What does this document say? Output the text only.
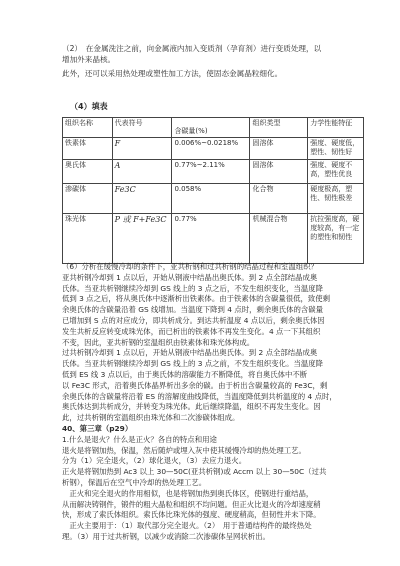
（2）　在金属洗注之前，向金属液内加入变质剂（孕育剂）进行变质处理，以
增加外来晶核。
此外，还可以采用热处理或塑性加工方法，使固态金属晶粒细化。
（4）填表
组织名称	代表符号	含碳量(%)	组织类型	力学性能特征
铁素体	F	0.006%~0.0218%	固溶体	强度、硬度低，塑性、韧性好
奥氏体	A	0.77%~2.11%	固溶体	强度、硬度不高，塑性优良
渗碳体	Fe3C	0.058%	化合物	硬度极高，塑性、韧性极差
珠光体	P 或 F+Fe3C	0.77%	机械混合物	抗拉强度高，硬度较高，有一定的塑性和韧性
（6）分析在缓慢冷却的条件下，亚共析钢和过共析钢的结晶过程和室温组织？
亚共析钢冷却到 1 点以后，开始从钢液中结晶出奥氏体。到 2 点全部结晶成奥
氏体。当亚共析钢继续冷却到 GS 线上的 3 点之后，不发生组织变化，当温度降
低到 3 点之后，将从奥氏体中逐渐析出铁素体。由于铁素体的含碳量很低，致使剩
余奥氏体的含碳量沿着 GS 线增加。当温度下降到 4 点时，剩余奥氏体的含碳量
已增加到 S 点的对应成分，即共析成分。到达共析温度 4 点以后，剩余奥氏体因
发生共析反应转变成珠光体，而已析出的铁素体不再发生变化。4 点一下其组织
不变，因此，亚共析钢的室温组织由铁素体和珠光体构成。
过共析钢冷却到 1 点以后，开始从钢液中结晶出奥氏体。到 2 点全部结晶成奥
氏体。当亚共析钢继续冷却到 GS 线上的 3 点之前，不发生组织变化。当温度降
低到 ES 线 3 点以后，由于奥氏体的溶碳能力不断降低，将自奥氏体中不断
以 Fe3C 形式，沿着奥氏体晶界析出多余的碳。由于析出含碳量较高的 Fe3C，剩
余奥氏体的含碳量将沿着 ES 的溶解度曲线降低，当温度降低到共析温度的 4 点时，
奥氏体达到共析成分，并转变为珠光体。此后继续降温，组织不再发生变化。因
此，过共析钢的室温组织由珠光体和二次渗碳体组成。
40、第三章（p29）
1.什么是退火？什么是正火？各自的特点和用途
退火是将钢加热，保温，然后随炉或埋入灰中使其缓慢冷却的热处理工艺。
分为（1）完全退火，（2）球化退火，（3）去应力退火。
正火是将钢加热到 Ac3 以上 30—50C(亚共析钢)或 Accm 以上 30—50C（过共
析钢），保温后在空气中冷却的热处理工艺。
　正火和完全退火的作用相似，也是将钢加热到奥氏体区，使钢进行重结晶，
从而解决铸钢件，锻件的粗大晶粒和组织不均问题。但正火比退火的冷却速度稍
快，形成了索氏体组织。索氏体比珠光体的强度、硬度稍高，但韧性并未下降。
　正火主要用于：（1）取代部分完全退火。（2）　用于普通结构件的最终热处
理。（3）用于过共析钢，以减少或消除二次渗碳体呈网状析出。
